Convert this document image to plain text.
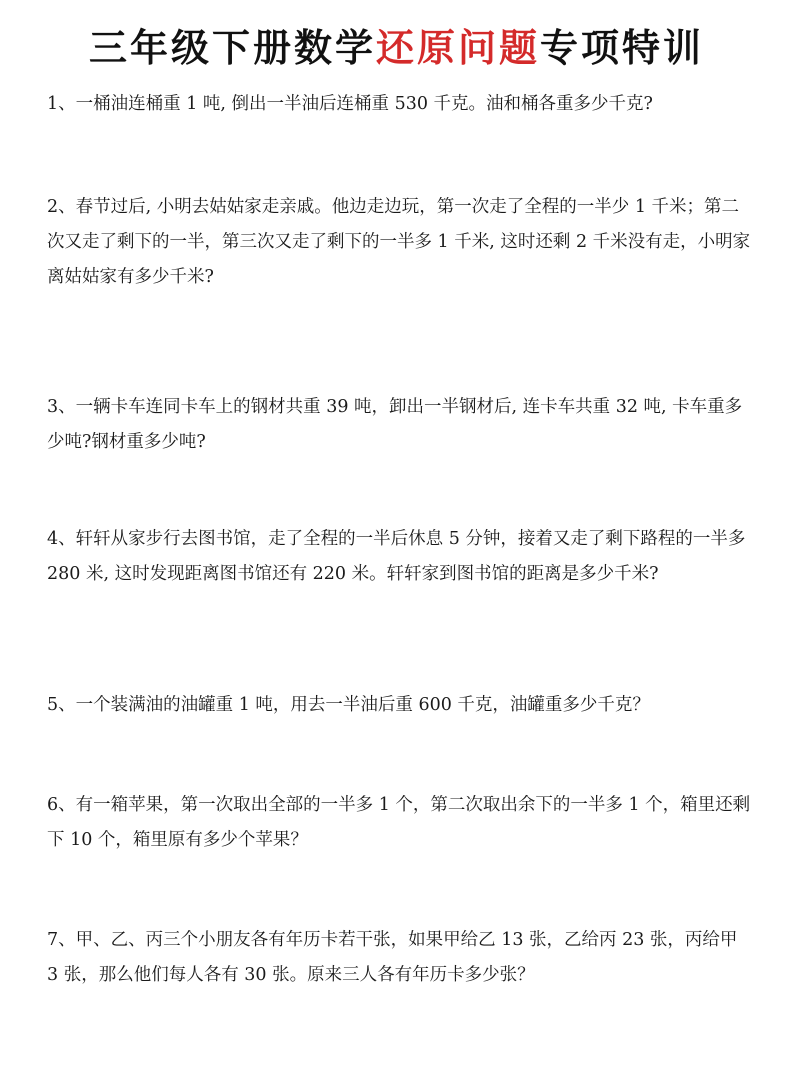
三年级下册数学还原问题专项特训

1、一桶油连桶重 1 吨, 倒出一半油后连桶重 530 千克。油和桶各重多少千克?

2、春节过后, 小明去姑姑家走亲戚。他边走边玩，第一次走了全程的一半少 1 千米；第二次又走了剩下的一半，第三次又走了剩下的一半多 1 千米, 这时还剩 2 千米没有走，小明家离姑姑家有多少千米?

3、一辆卡车连同卡车上的钢材共重 39 吨，卸出一半钢材后, 连卡车共重 32 吨, 卡车重多少吨?钢材重多少吨?

4、轩轩从家步行去图书馆，走了全程的一半后休息 5 分钟，接着又走了剩下路程的一半多 280 米, 这时发现距离图书馆还有 220 米。轩轩家到图书馆的距离是多少千米?

5、一个装满油的油罐重 1 吨，用去一半油后重 600 千克，油罐重多少千克？

6、有一箱苹果，第一次取出全部的一半多 1 个，第二次取出余下的一半多 1 个，箱里还剩下 10 个，箱里原有多少个苹果？

7、甲、乙、丙三个小朋友各有年历卡若干张，如果甲给乙 13 张，乙给丙 23 张，丙给甲 3 张，那么他们每人各有 30 张。原来三人各有年历卡多少张？
